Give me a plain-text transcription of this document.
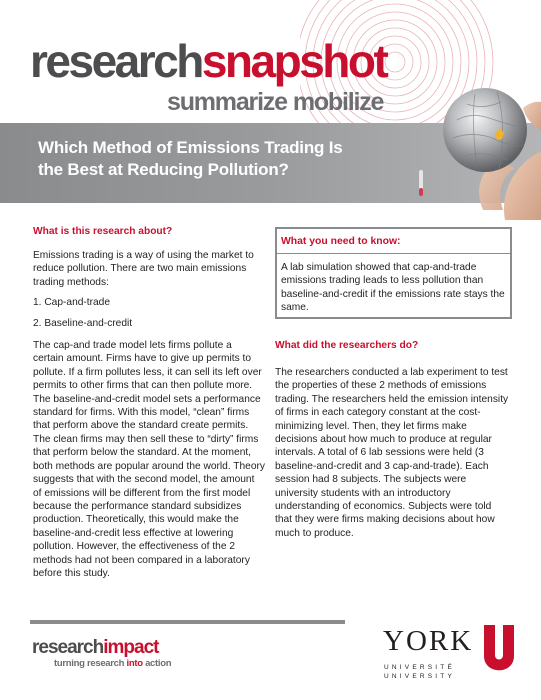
researchsnapshot
summarize mobilize
Which Method of Emissions Trading Is
the Best at Reducing Pollution?
What is this research about?

Emissions trading is a way of using the market to reduce pollution. There are two main emissions trading methods:

1. Cap-and-trade

2. Baseline-and-credit

The cap-and trade model lets firms pollute a certain amount. Firms have to give up permits to pollute. If a firm pollutes less, it can sell its left over permits to other firms that can then pollute more. The baseline-and-credit model sets a performance standard for firms. With this model, “clean” firms that perform above the standard create permits. The clean firms may then sell these to “dirty” firms that perform below the standard. At the moment, both methods are popular around the world. Theory suggests that with the second model, the amount of emissions will be different from the first model because the performance standard subsidizes production. Theoretically, this would make the baseline-and-credit less effective at lowering pollution. However, the effectiveness of the 2 methods had not been compared in a laboratory before this study.

What you need to know:

A lab simulation showed that cap-and-trade emissions trading leads to less pollution than baseline-and-credit if the emissions rate stays the same.

What did the researchers do?

The researchers conducted a lab experiment to test the properties of these 2 methods of emissions trading. The researchers held the emission intensity of firms in each category constant at the cost-minimizing level. Then, they let firms make decisions about how much to produce at regular intervals. A total of 6 lab sessions were held (3 baseline-and-credit and 3 cap-and-trade). Each session had 8 subjects. The subjects were university students with an introductory understanding of economics. Subjects were told that they were firms making decisions about how much to produce.

researchimpact
turning research into action
YORK
UNIVERSITÉ
UNIVERSITY
